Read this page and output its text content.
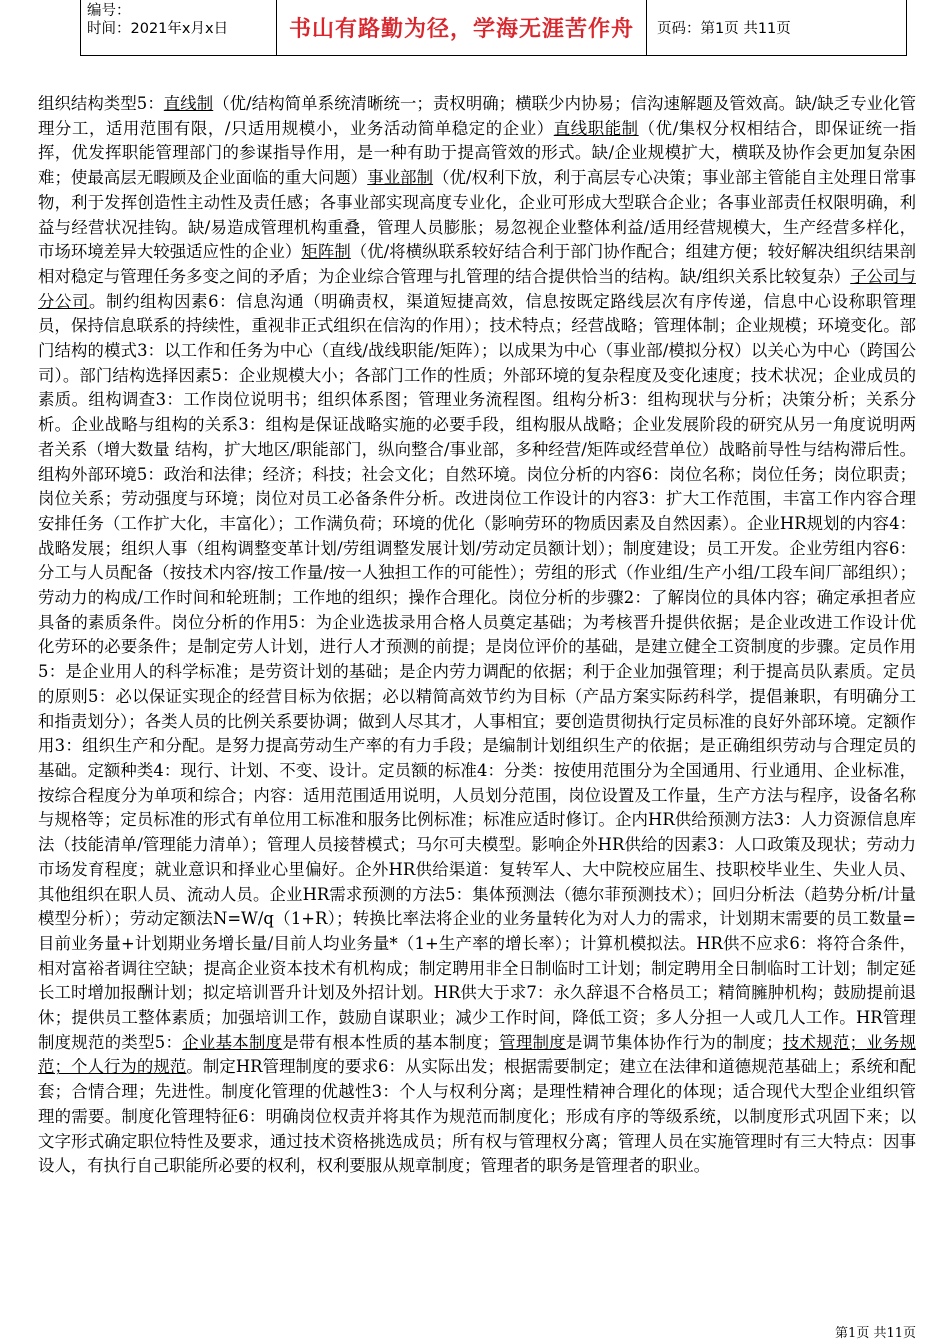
编号：
时间：2021年x月x日	书山有路勤为径，学海无涯苦作舟	页码：第1页 共11页

组织结构类型5：直线制（优/结构简单系统清晰统一；责权明确；横联少内协易；信沟速解题及管效高。缺/缺乏专业化管理分工，适用范围有限，/只适用规模小，业务活动简单稳定的企业）直线职能制（优/集权分权相结合，即保证统一指挥，优发挥职能管理部门的参谋指导作用，是一种有助于提高管效的形式。缺/企业规模扩大，横联及协作会更加复杂困难；使最高层无暇顾及企业面临的重大问题）事业部制（优/权利下放，利于高层专心决策；事业部主管能自主处理日常事物，利于发挥创造性主动性及责任感；各事业部实现高度专业化，企业可形成大型联合企业；各事业部责任权限明确，利益与经营状况挂钩。缺/易造成管理机构重叠，管理人员膨胀；易忽视企业整体利益/适用经营规模大，生产经营多样化，市场环境差异大较强适应性的企业）矩阵制（优/将横纵联系较好结合利于部门协作配合；组建方便；较好解决组织结果剖相对稳定与管理任务多变之间的矛盾；为企业综合管理与扎管理的结合提供恰当的结构。缺/组织关系比较复杂）子公司与分公司。制约组构因素6：信息沟通（明确责权，渠道短捷高效，信息按既定路线层次有序传递，信息中心设称职管理员，保持信息联系的持续性，重视非正式组织在信沟的作用）；技术特点；经营战略；管理体制；企业规模；环境变化。部门结构的模式3：以工作和任务为中心（直线/战线职能/矩阵）；以成果为中心（事业部/模拟分权）以关心为中心（跨国公司）。部门结构选择因素5：企业规模大小；各部门工作的性质；外部环境的复杂程度及变化速度；技术状况；企业成员的素质。组构调查3：工作岗位说明书；组织体系图；管理业务流程图。组构分析3：组构现状与分析；决策分析；关系分析。企业战略与组构的关系3：组构是保证战略实施的必要手段，组构服从战略；企业发展阶段的研究从另一角度说明两者关系（增大数量 结构，扩大地区/职能部门，纵向整合/事业部，多种经营/矩阵或经营单位）战略前导性与结构滞后性。组构外部环境5：政治和法律；经济；科技；社会文化；自然环境。岗位分析的内容6：岗位名称；岗位任务；岗位职责；岗位关系；劳动强度与环境；岗位对员工必备条件分析。改进岗位工作设计的内容3：扩大工作范围，丰富工作内容合理安排任务（工作扩大化，丰富化）；工作满负荷；环境的优化（影响劳环的物质因素及自然因素）。企业HR规划的内容4：战略发展；组织人事（组构调整变革计划/劳组调整发展计划/劳动定员额计划）；制度建设；员工开发。企业劳组内容6：分工与人员配备（按技术内容/按工作量/按一人独担工作的可能性）；劳组的形式（作业组/生产小组/工段车间厂部组织）；劳动力的构成/工作时间和轮班制；工作地的组织；操作合理化。岗位分析的步骤2：了解岗位的具体内容；确定承担者应具备的素质条件。岗位分析的作用5：为企业选拔录用合格人员奠定基础；为考核晋升提供依据；是企业改进工作设计优化劳环的必要条件；是制定劳人计划，进行人才预测的前提；是岗位评价的基础，是建立健全工资制度的步骤。定员作用5：是企业用人的科学标准；是劳资计划的基础；是企内劳力调配的依据；利于企业加强管理；利于提高员队素质。定员的原则5：必以保证实现企的经营目标为依据；必以精简高效节约为目标（产品方案实际药科学，提倡兼职，有明确分工和指责划分）；各类人员的比例关系要协调；做到人尽其才，人事相宜；要创造贯彻执行定员标准的良好外部环境。定额作用3：组织生产和分配。是努力提高劳动生产率的有力手段；是编制计划组织生产的依据；是正确组织劳动与合理定员的基础。定额种类4：现行、计划、不变、设计。定员额的标准4：分类：按使用范围分为全国通用、行业通用、企业标准，按综合程度分为单项和综合；内容：适用范围适用说明，人员划分范围，岗位设置及工作量，生产方法与程序，设备名称与规格等；定员标准的形式有单位用工标准和服务比例标准；标准应适时修订。企内HR供给预测方法3：人力资源信息库法（技能清单/管理能力清单）；管理人员接替模式；马尔可夫模型。影响企外HR供给的因素3：人口政策及现状；劳动力市场发育程度；就业意识和择业心里偏好。企外HR供给渠道：复转军人、大中院校应届生、技职校毕业生、失业人员、其他组织在职人员、流动人员。企业HR需求预测的方法5：集体预测法（德尔菲预测技术）；回归分析法（趋势分析/计量模型分析）；劳动定额法N=W/q（1+R）；转换比率法将企业的业务量转化为对人力的需求，计划期末需要的员工数量=目前业务量+计划期业务增长量/目前人均业务量*（1+生产率的增长率）；计算机模拟法。HR供不应求6：将符合条件，相对富裕者调往空缺；提高企业资本技术有机构成；制定聘用非全日制临时工计划；制定聘用全日制临时工计划；制定延长工时增加报酬计划；拟定培训晋升计划及外招计划。HR供大于求7：永久辞退不合格员工；精简臃肿机构；鼓励提前退休；提供员工整体素质；加强培训工作，鼓励自谋职业；减少工作时间，降低工资；多人分担一人或几人工作。HR管理制度规范的类型5：企业基本制度是带有根本性质的基本制度；管理制度是调节集体协作行为的制度；技术规范；业务规范；个人行为的规范。制定HR管理制度的要求6：从实际出发；根据需要制定；建立在法律和道德规范基础上；系统和配套；合情合理；先进性。制度化管理的优越性3：个人与权利分离；是理性精神合理化的体现；适合现代大型企业组织管理的需要。制度化管理特征6：明确岗位权责并将其作为规范而制度化；形成有序的等级系统，以制度形式巩固下来；以文字形式确定职位特性及要求，通过技术资格挑选成员；所有权与管理权分离；管理人员在实施管理时有三大特点：因事设人，有执行自己职能所必要的权利，权利要服从规章制度；管理者的职务是管理者的职业。

第1页 共11页
